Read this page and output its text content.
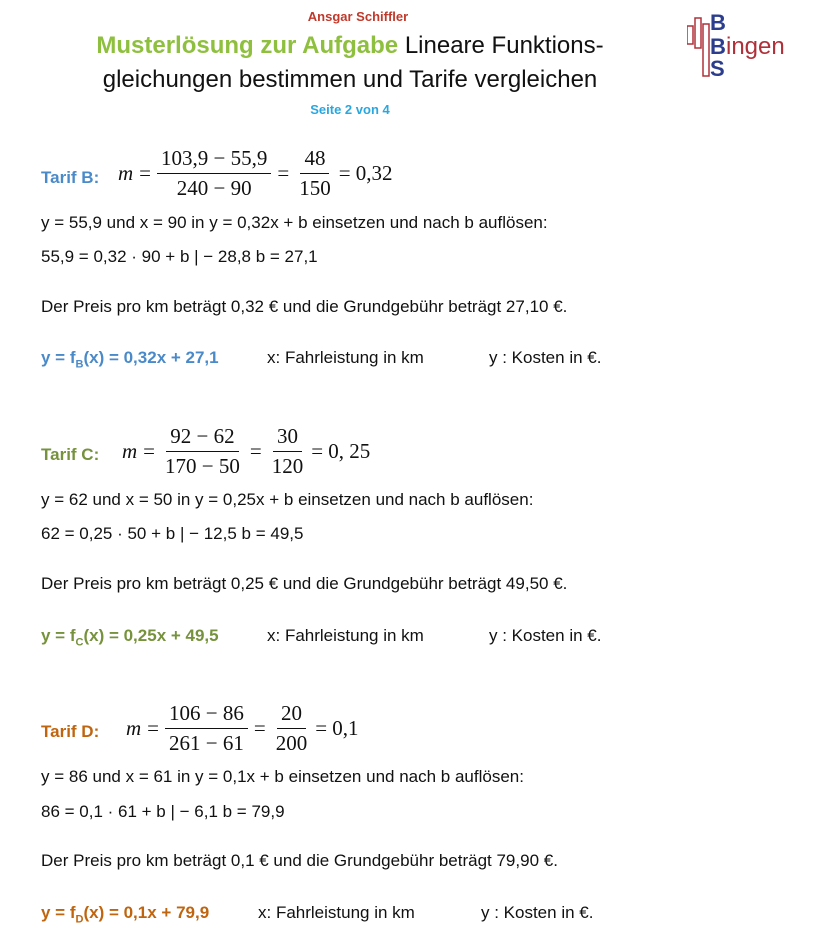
Ansgar Schiffler
Musterlösung zur Aufgabe Lineare Funktions-
gleichungen bestimmen und Tarife vergleichen
Seite 2 von 4
B
B
S
ingen
Tarif B: $m = \frac{103,9 - 55,9}{240 - 90} = \frac{48}{150} = 0,32$
y = 55,9 und x = 90 in y = 0,32x + b einsetzen und nach b auflösen:
55,9 = 0,32 · 90 + b | − 28,8 b = 27,1
Der Preis pro km beträgt 0,32 € und die Grundgebühr beträgt 27,10 €.
$y = f_B(x) = 0,32x + 27,1$	x: Fahrleistung in km	y : Kosten in €.
Tarif C: $m = \frac{92 - 62}{170 - 50} = \frac{30}{120} = 0$, 25
y = 62 und x = 50 in y = 0,25x + b einsetzen und nach b auflösen:
62 = 0,25 · 50 + b | − 12,5 b = 49,5
Der Preis pro km beträgt 0,25 € und die Grundgebühr beträgt 49,50 €.
$y = f_C(x) = 0,25x + 49,5$	x: Fahrleistung in km	y : Kosten in €.
Tarif D: $m = \frac{106 - 86}{261 - 61} = \frac{20}{200} = 0,1$
y = 86 und x = 61 in y = 0,1x + b einsetzen und nach b auflösen:
86 = 0,1 · 61 + b | − 6,1 b = 79,9
Der Preis pro km beträgt 0,1 € und die Grundgebühr beträgt 79,90 €.
$y = f_D(x) = 0,1x + 79,9$	x: Fahrleistung in km	y : Kosten in €.
